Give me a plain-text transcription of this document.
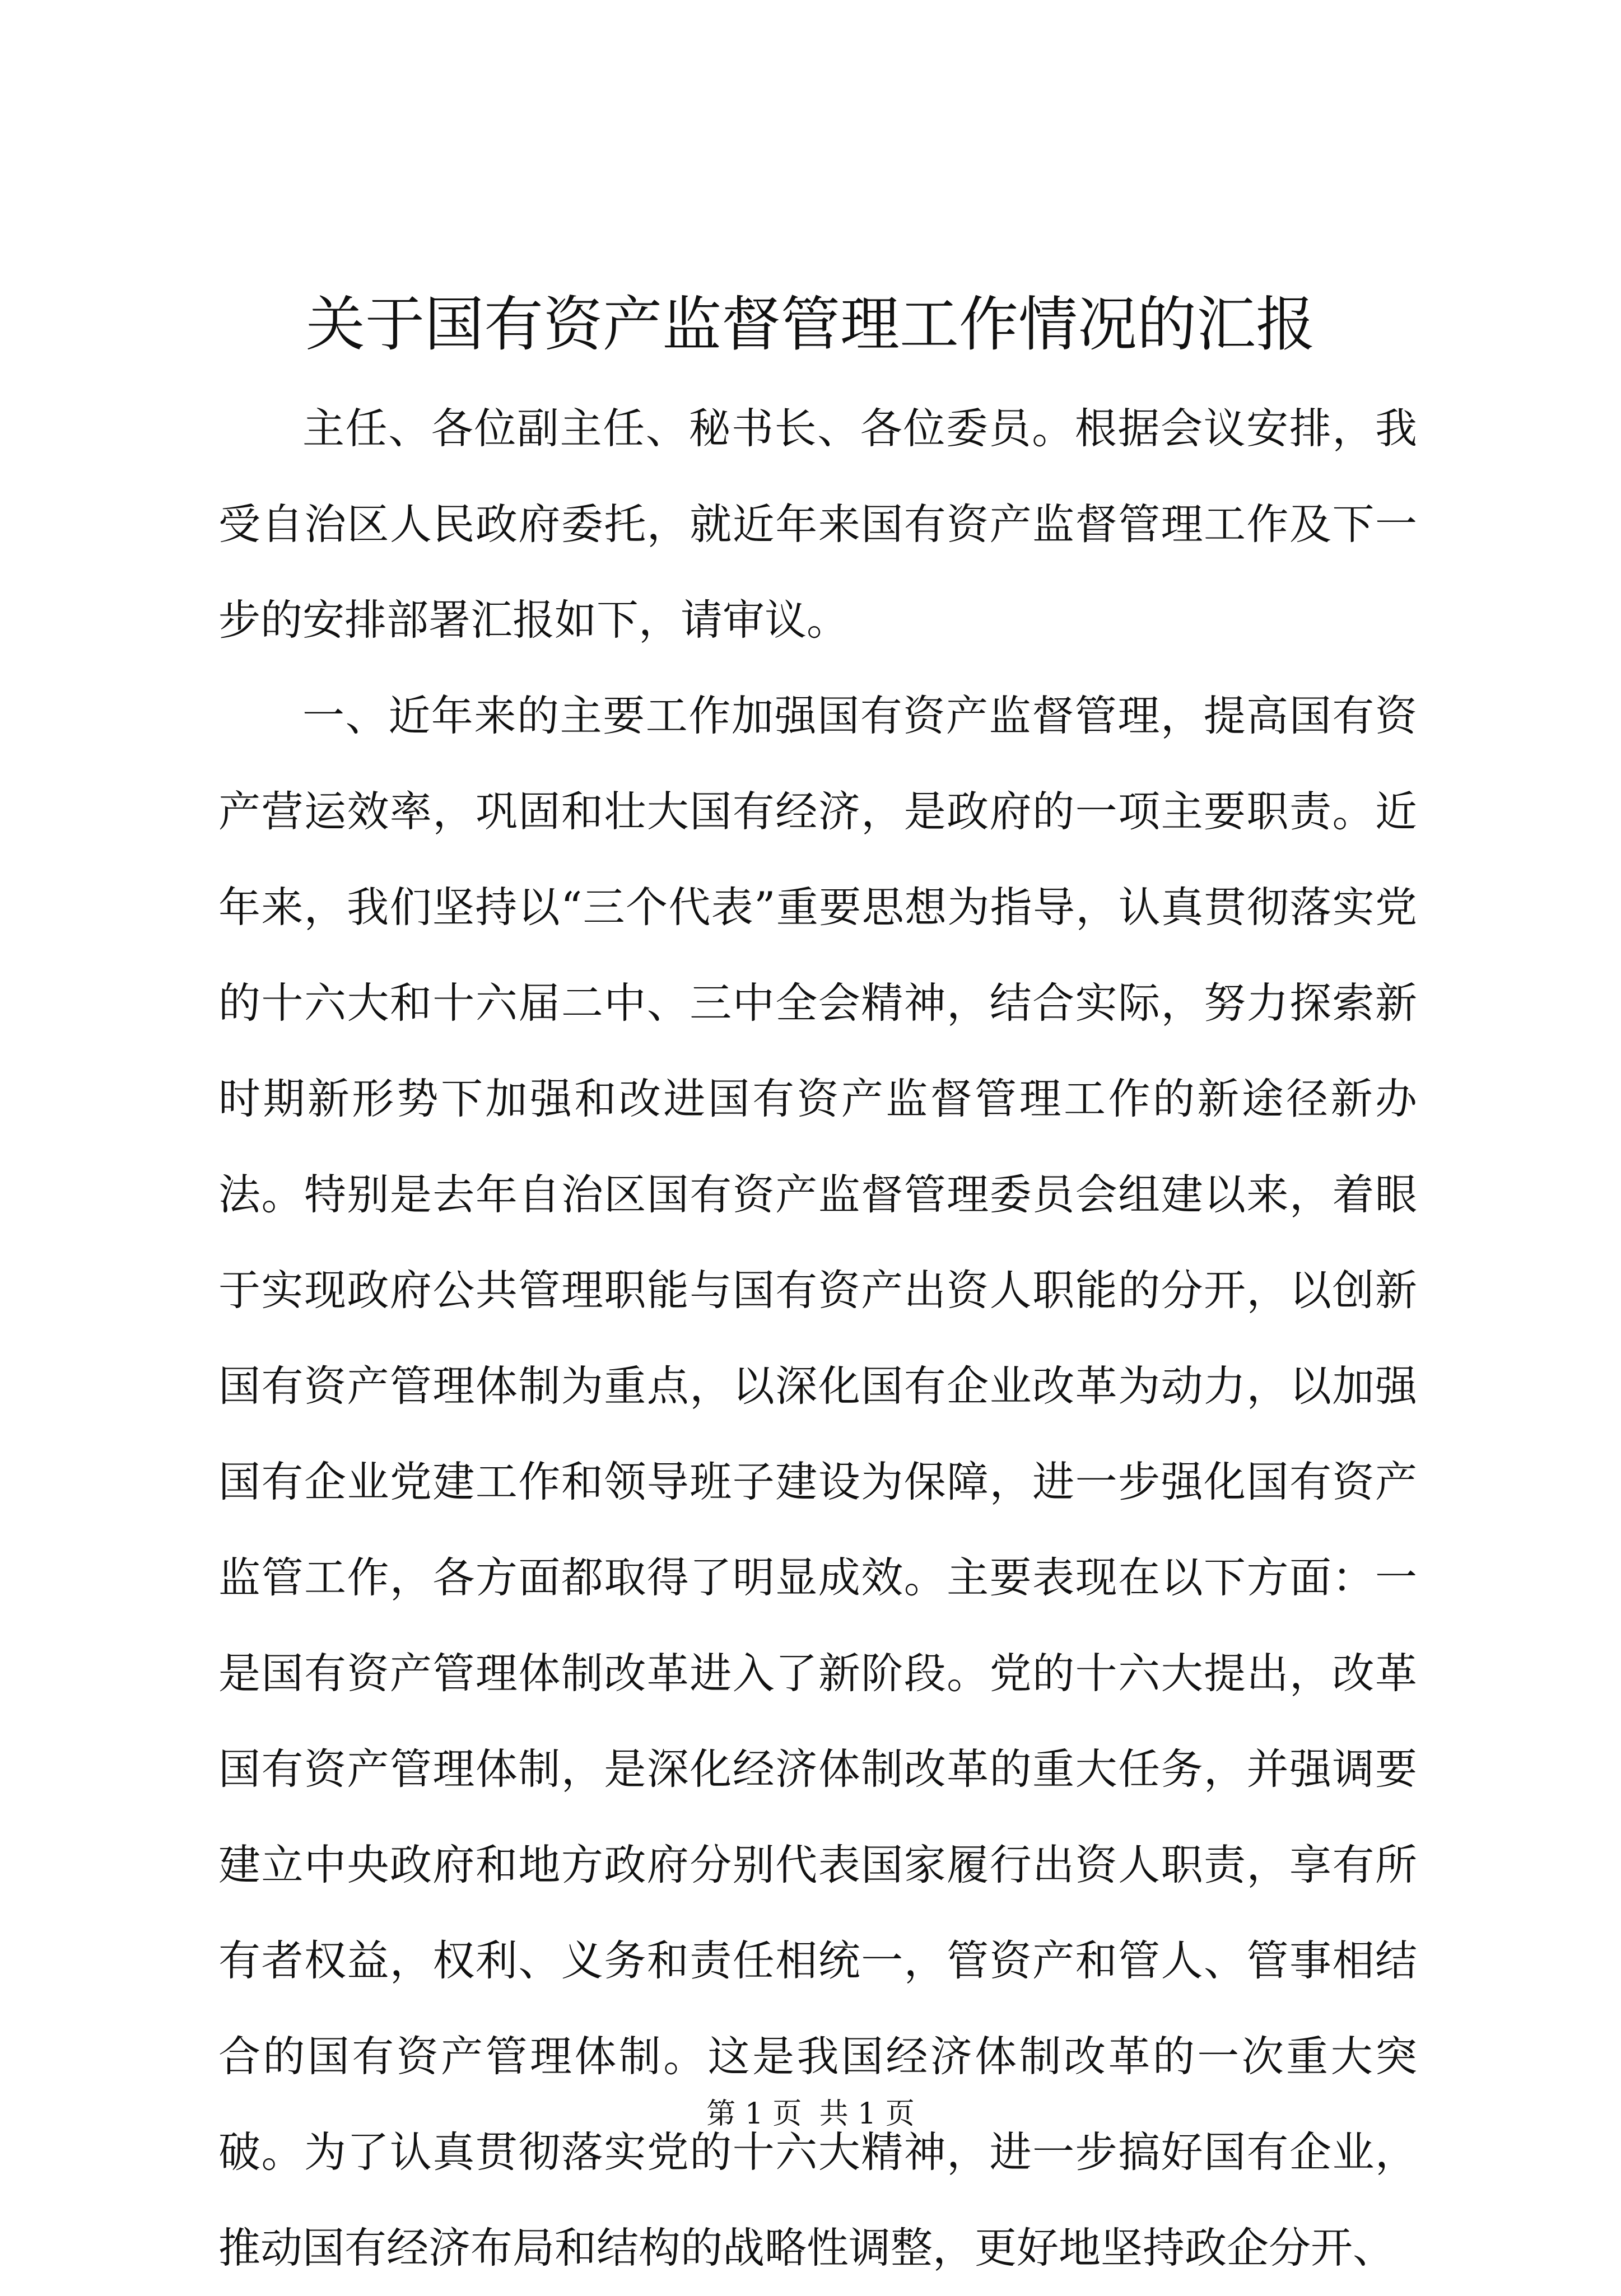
关于国有资产监督管理工作情况的汇报

主任、各位副主任、秘书长、各位委员。根据会议安排，我受自治区人民政府委托，就近年来国有资产监督管理工作及下一步的安排部署汇报如下，请审议。

一、近年来的主要工作加强国有资产监督管理，提高国有资产营运效率，巩固和壮大国有经济，是政府的一项主要职责。近年来，我们坚持以“三个代表”重要思想为指导，认真贯彻落实党的十六大和十六届二中、三中全会精神，结合实际，努力探索新时期新形势下加强和改进国有资产监督管理工作的新途径新办法。特别是去年自治区国有资产监督管理委员会组建以来，着眼于实现政府公共管理职能与国有资产出资人职能的分开，以创新国有资产管理体制为重点，以深化国有企业改革为动力，以加强国有企业党建工作和领导班子建设为保障，进一步强化国有资产监管工作，各方面都取得了明显成效。主要表现在以下方面：一是国有资产管理体制改革进入了新阶段。党的十六大提出，改革国有资产管理体制，是深化经济体制改革的重大任务，并强调要建立中央政府和地方政府分别代表国家履行出资人职责，享有所有者权益，权利、义务和责任相统一，管资产和管人、管事相结合的国有资产管理体制。这是我国经济体制改革的一次重大突破。为了认真贯彻落实党的十六大精神，进一步搞好国有企业，推动国有经济布局和结构的战略性调整，更好地坚持政企分开、

第 1 页 共 1 页
